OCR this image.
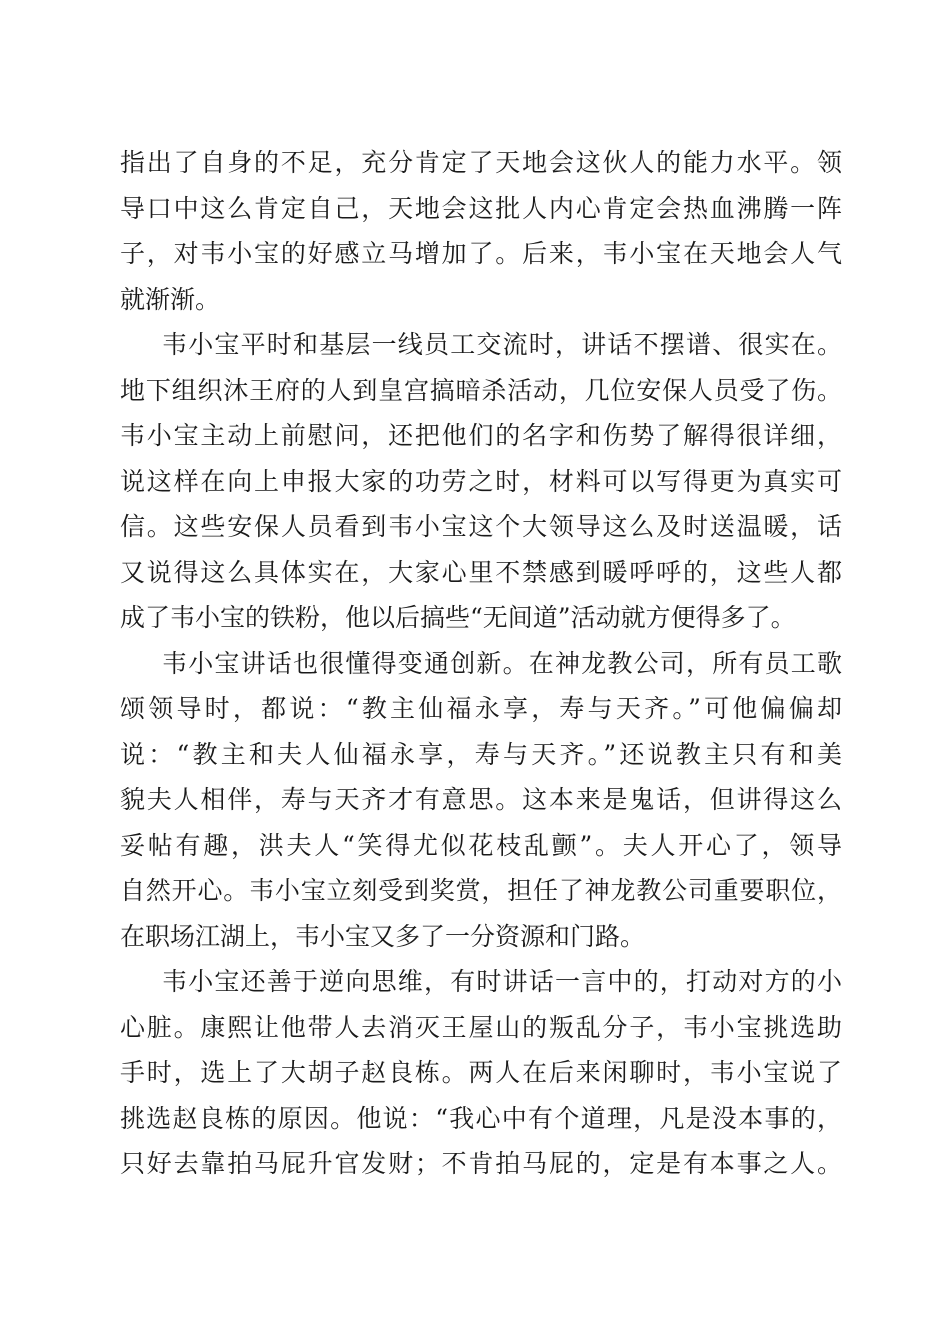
指出了自身的不足，充分肯定了天地会这伙人的能力水平。领
导口中这么肯定自己，天地会这批人内心肯定会热血沸腾一阵
子，对韦小宝的好感立马增加了。后来，韦小宝在天地会人气
就渐渐。
韦小宝平时和基层一线员工交流时，讲话不摆谱、很实在。
地下组织沐王府的人到皇宫搞暗杀活动，几位安保人员受了伤。
韦小宝主动上前慰问，还把他们的名字和伤势了解得很详细，
说这样在向上申报大家的功劳之时，材料可以写得更为真实可
信。这些安保人员看到韦小宝这个大领导这么及时送温暖，话
又说得这么具体实在，大家心里不禁感到暖呼呼的，这些人都
成了韦小宝的铁粉，他以后搞些“无间道”活动就方便得多了。
韦小宝讲话也很懂得变通创新。在神龙教公司，所有员工歌
颂领导时，都说：“教主仙福永享，寿与天齐。”可他偏偏却
说：“教主和夫人仙福永享，寿与天齐。”还说教主只有和美
貌夫人相伴，寿与天齐才有意思。这本来是鬼话，但讲得这么
妥帖有趣，洪夫人“笑得尤似花枝乱颤”。夫人开心了，领导
自然开心。韦小宝立刻受到奖赏，担任了神龙教公司重要职位，
在职场江湖上，韦小宝又多了一分资源和门路。
韦小宝还善于逆向思维，有时讲话一言中的，打动对方的小
心脏。康熙让他带人去消灭王屋山的叛乱分子，韦小宝挑选助
手时，选上了大胡子赵良栋。两人在后来闲聊时，韦小宝说了
挑选赵良栋的原因。他说：“我心中有个道理，凡是没本事的，
只好去靠拍马屁升官发财；不肯拍马屁的，定是有本事之人。
